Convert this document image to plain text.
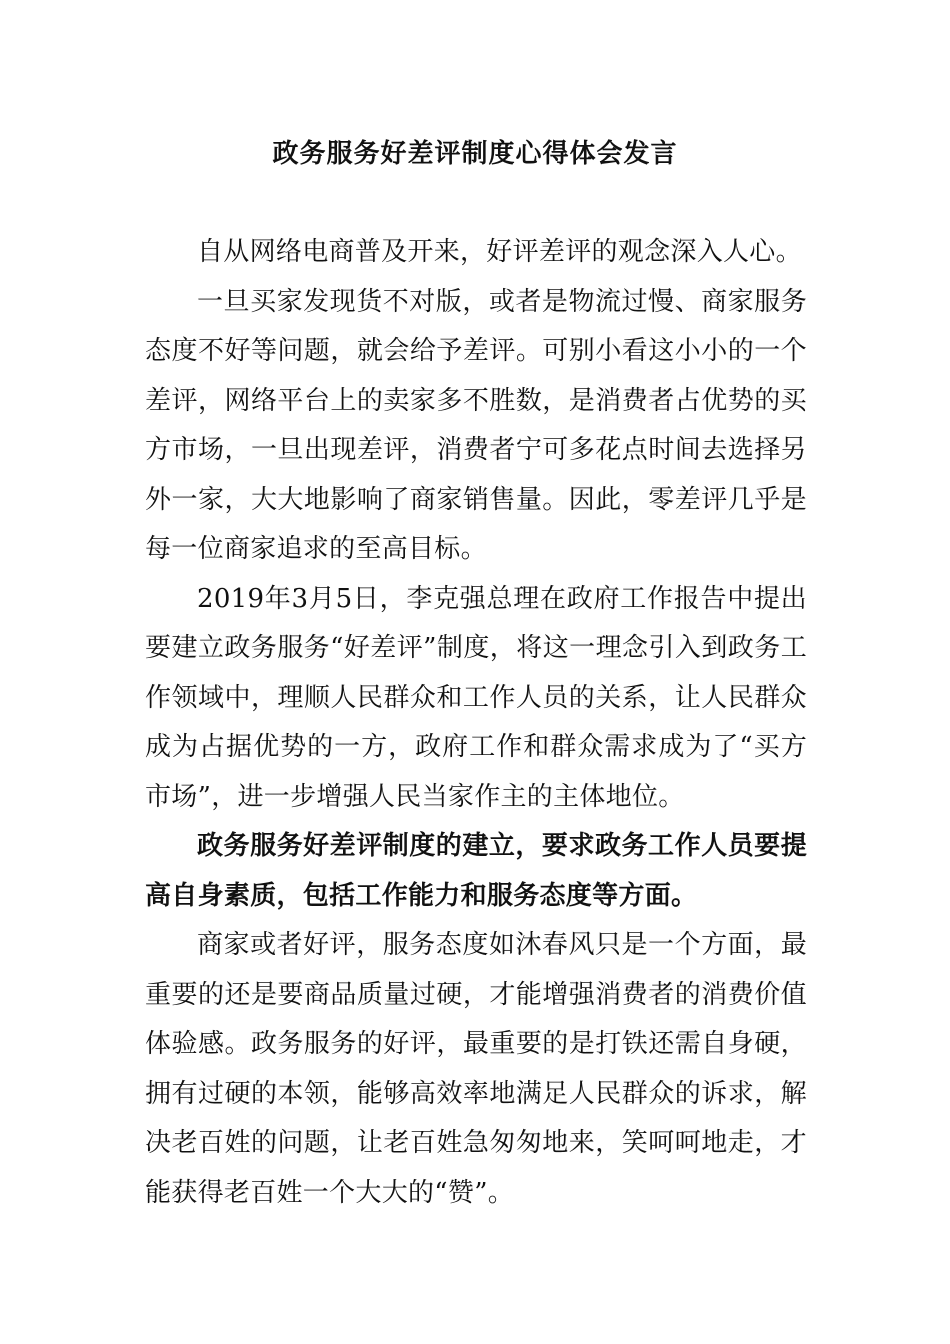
政务服务好差评制度心得体会发言

自从网络电商普及开来，好评差评的观念深入人心。

一旦买家发现货不对版，或者是物流过慢、商家服务态度不好等问题，就会给予差评。可别小看这小小的一个差评，网络平台上的卖家多不胜数，是消费者占优势的买方市场，一旦出现差评，消费者宁可多花点时间去选择另外一家，大大地影响了商家销售量。因此，零差评几乎是每一位商家追求的至高目标。

2019年3月5日，李克强总理在政府工作报告中提出要建立政务服务“好差评”制度，将这一理念引入到政务工作领域中，理顺人民群众和工作人员的关系，让人民群众成为占据优势的一方，政府工作和群众需求成为了“买方市场”，进一步增强人民当家作主的主体地位。

政务服务好差评制度的建立，要求政务工作人员要提高自身素质，包括工作能力和服务态度等方面。

商家或者好评，服务态度如沐春风只是一个方面，最重要的还是要商品质量过硬，才能增强消费者的消费价值体验感。政务服务的好评，最重要的是打铁还需自身硬，拥有过硬的本领，能够高效率地满足人民群众的诉求，解决老百姓的问题，让老百姓急匆匆地来，笑呵呵地走，才能获得老百姓一个大大的“赞”。
